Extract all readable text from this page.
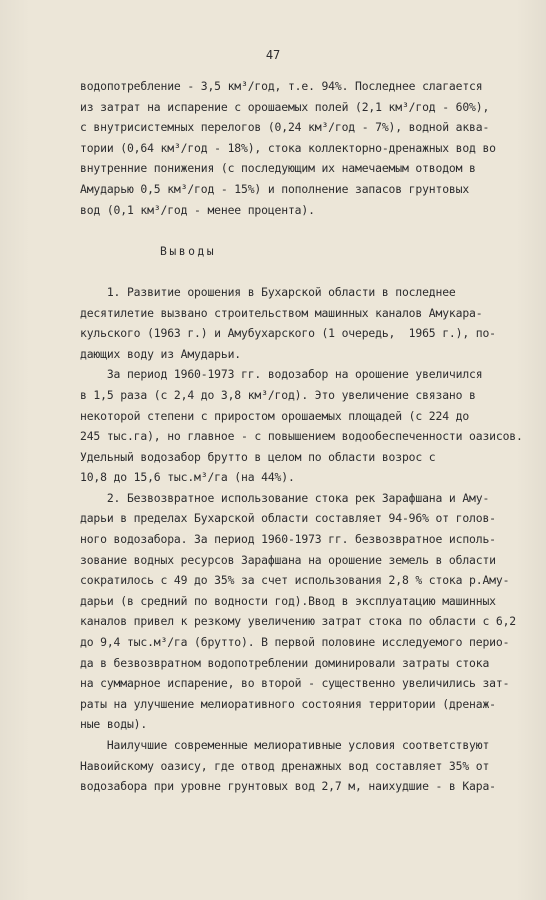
47
водопотребление - 3,5 км³/год, т.е. 94%. Последнее слагается
из затрат на испарение с орошаемых полей (2,1 км³/год - 60%),
с внутрисистемных перелогов (0,24 км³/год - 7%), водной аква-
тории (0,64 км³/год - 18%), стока коллекторно-дренажных вод во
внутренние понижения (с последующим их намечаемым отводом в
Амударью 0,5 км³/год - 15%) и пополнение запасов грунтовых
вод (0,1 км³/год - менее процента).
Выводы
1. Развитие орошения в Бухарской области в последнее
десятилетие вызвано строительством машинных каналов Амукара-
кульского (1963 г.) и Амубухарского (1 очередь,  1965 г.), по-
дающих воду из Амударьи.
За период 1960-1973 гг. водозабор на орошение увеличился
в 1,5 раза (с 2,4 до 3,8 км³/год). Это увеличение связано в
некоторой степени с приростом орошаемых площадей (с 224 до
245 тыс.га), но главное - с повышением водообеспеченности оазисов.
Удельный водозабор брутто в целом по области возрос с
10,8 до 15,6 тыс.м³/га (на 44%).
2. Безвозвратное использование стока рек Зарафшана и Аму-
дарьи в пределах Бухарской области составляет 94-96% от голов-
ного водозабора. За период 1960-1973 гг. безвозвратное исполь-
зование водных ресурсов Зарафшана на орошение земель в области
сократилось с 49 до 35% за счет использования 2,8 % стока р.Аму-
дарьи (в средний по водности год).Ввод в эксплуатацию машинных
каналов привел к резкому увеличению затрат стока по области с 6,2
до 9,4 тыс.м³/га (брутто). В первой половине исследуемого перио-
да в безвозвратном водопотреблении доминировали затраты стока
на суммарное испарение, во второй - существенно увеличились зат-
раты на улучшение мелиоративного состояния территории (дренаж-
ные воды).
Наилучшие современные мелиоративные условия соответствуют
Навоийскому оазису, где отвод дренажных вод составляет 35% от
водозабора при уровне грунтовых вод 2,7 м, наихудшие - в Кара-
